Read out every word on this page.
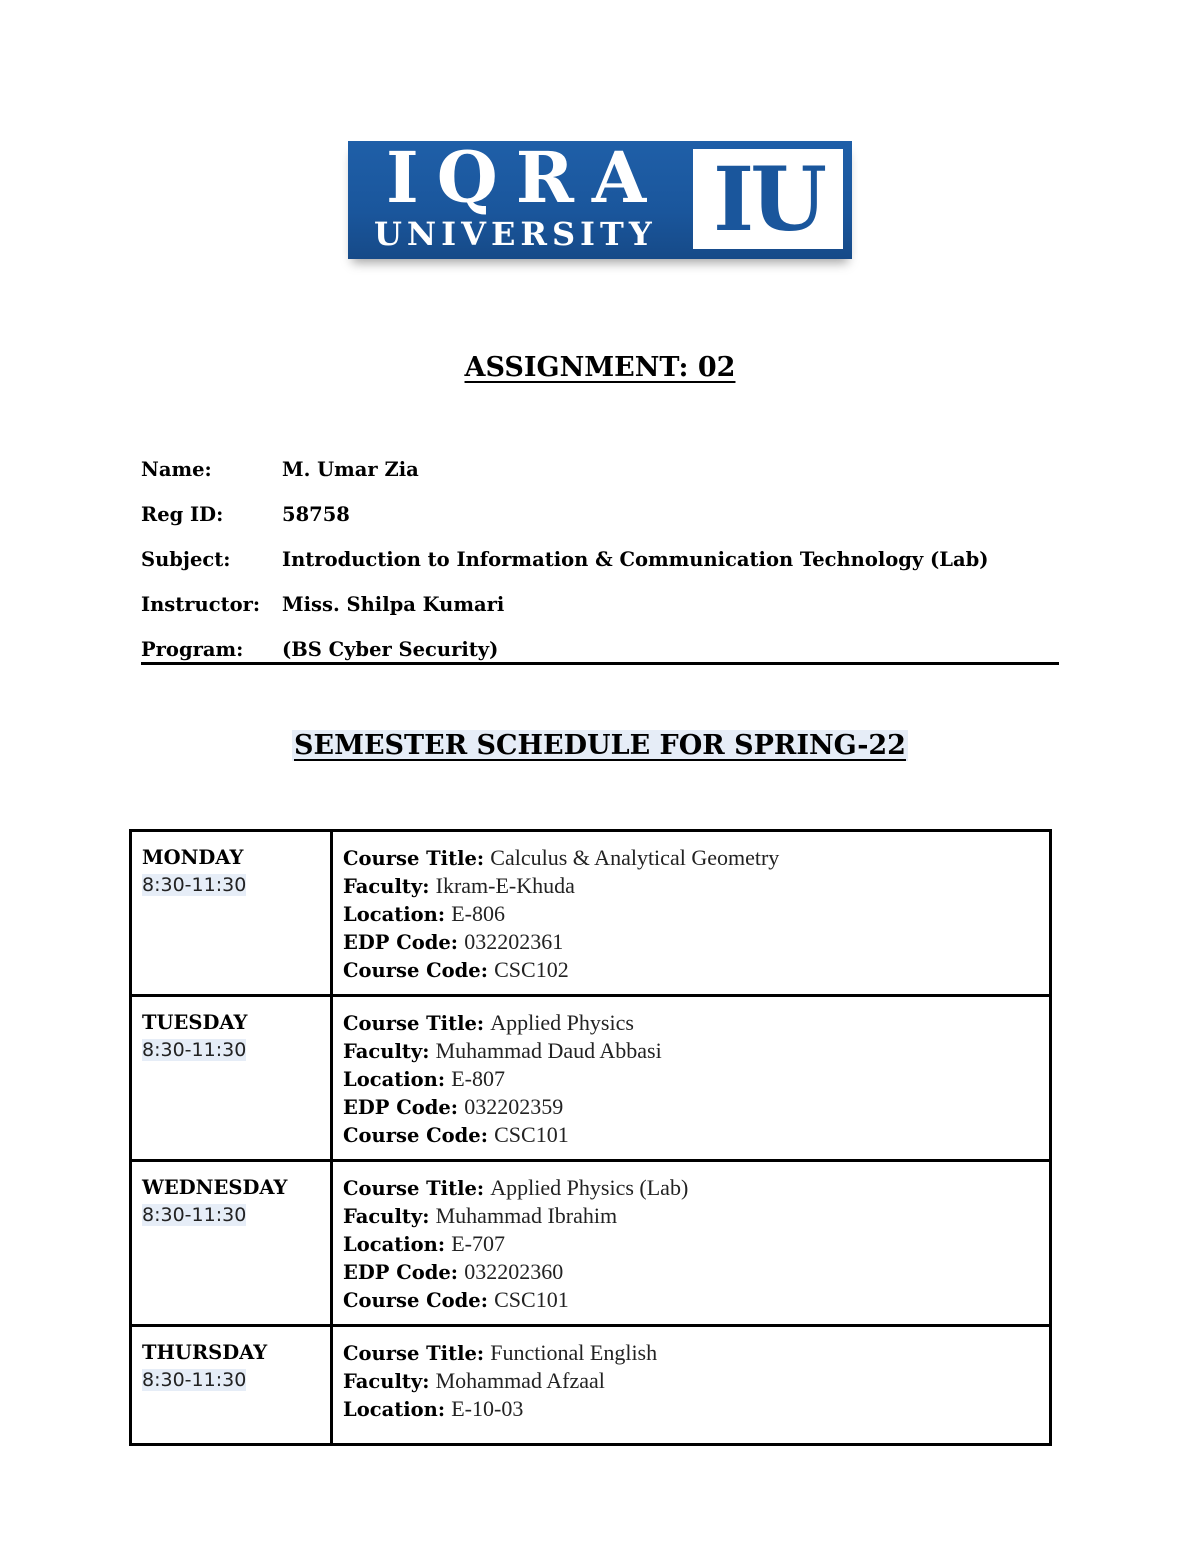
IQRA
UNIVERSITY IU
ASSIGNMENT: 02
Name:	M. Umar Zia
Reg ID:	58758
Subject:	Introduction to Information & Communication Technology (Lab)
Instructor: Miss. Shilpa Kumari
Program: (BS Cyber Security)
SEMESTER SCHEDULE FOR SPRING-22
MONDAY
8:30-11:30	Course Title: Calculus & Analytical Geometry
Faculty: Ikram-E-Khuda
Location: E-806
EDP Code: 032202361
Course Code: CSC102

TUESDAY
8:30-11:30	Course Title: Applied Physics
Faculty: Muhammad Daud Abbasi
Location: E-807
EDP Code: 032202359
Course Code: CSC101

WEDNESDAY
8:30-11:30	Course Title: Applied Physics (Lab)
Faculty: Muhammad Ibrahim
Location: E-707
EDP Code: 032202360
Course Code: CSC101

THURSDAY
8:30-11:30	Course Title: Functional English
Faculty: Mohammad Afzaal
Location: E-10-03
